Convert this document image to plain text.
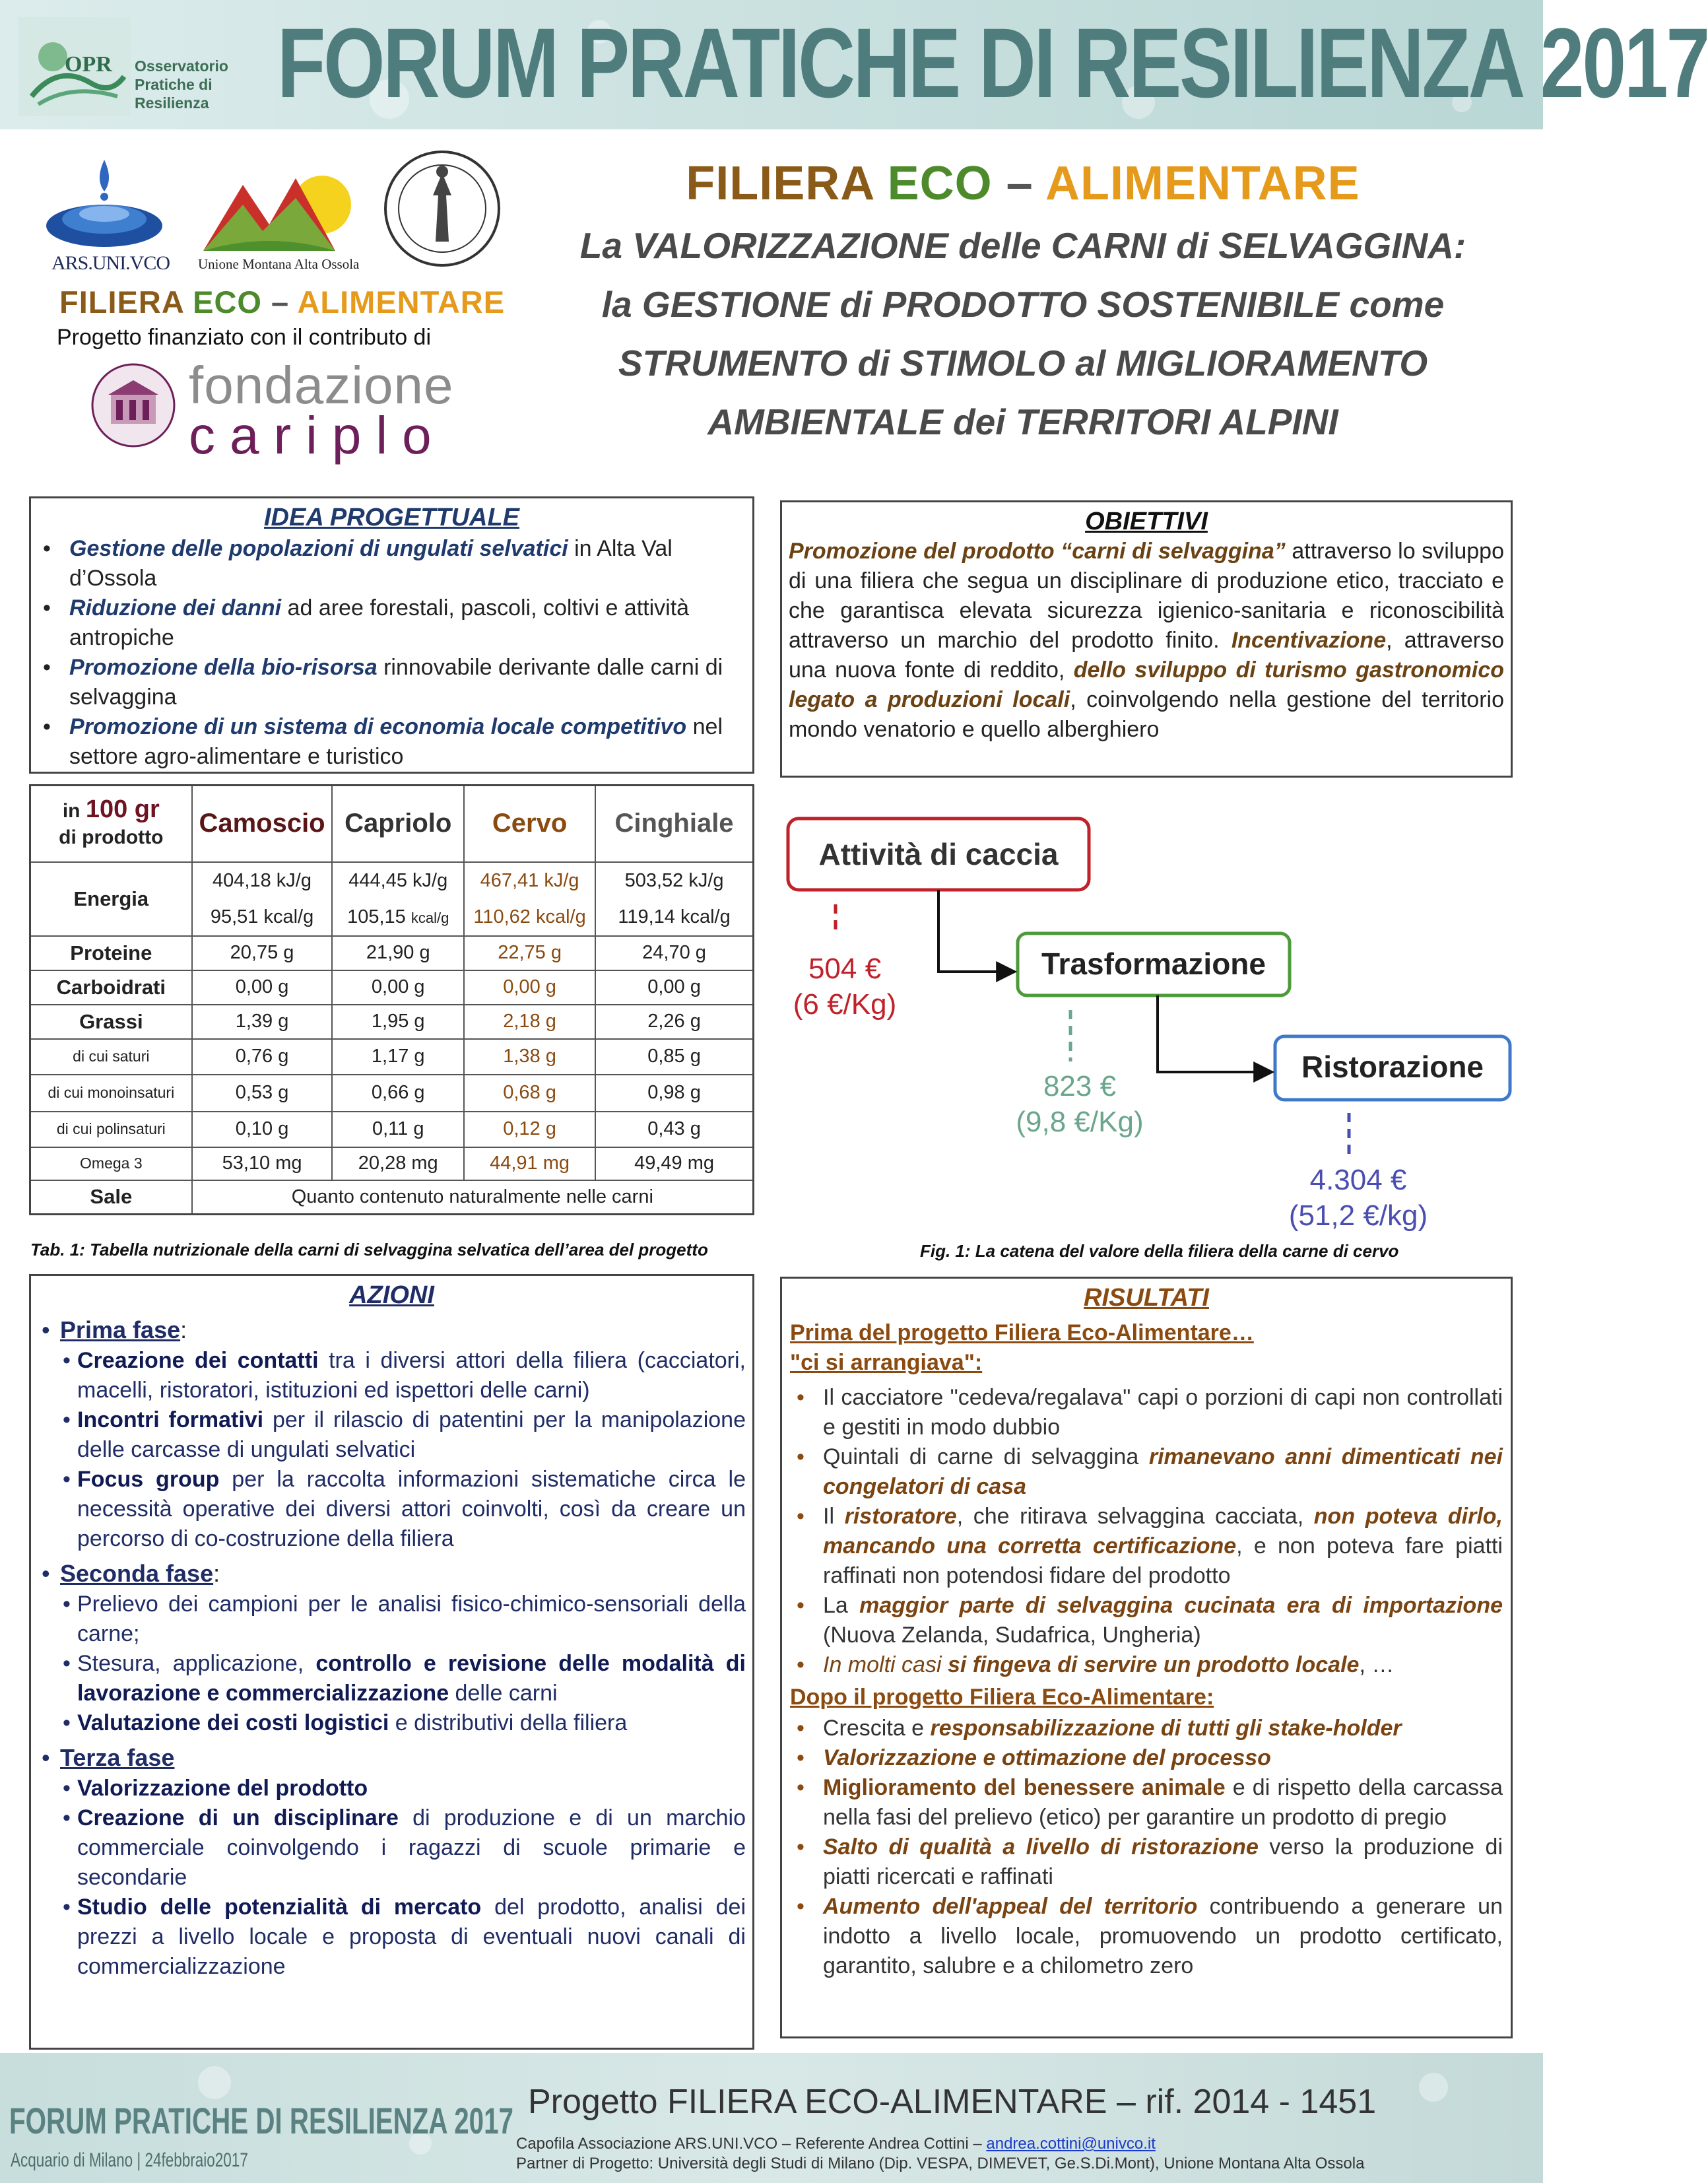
OPR Osservatorio
Pratiche di
Resilienza FORUM PRATICHE DI RESILIENZA 2017
ARS.UNI.VCO Unione Montana Alta Ossola
FILIERA ECO – ALIMENTARE
Progetto finanziato con il contributo di
fondazione
cariplo
FILIERA ECO – ALIMENTARE
La VALORIZZAZIONE delle CARNI di SELVAGGINA:
la GESTIONE di PRODOTTO SOSTENIBILE come
STRUMENTO di STIMOLO al MIGLIORAMENTO
AMBIENTALE dei TERRITORI ALPINI
IDEA PROGETTUALE
• Gestione delle popolazioni di ungulati selvatici in Alta Val d’Ossola
• Riduzione dei danni ad aree forestali, pascoli, coltivi e attività antropiche
• Promozione della bio-risorsa rinnovabile derivante dalle carni di selvaggina
• Promozione di un sistema di economia locale competitivo nel settore agro-alimentare e turistico
OBIETTIVI

Promozione del prodotto “carni di selvaggina” attraverso lo sviluppo di una filiera che segua un disciplinare di produzione etico, tracciato e che garantisca elevata sicurezza igienico-sanitaria e riconoscibilità attraverso un marchio del prodotto finito. Incentivazione, attraverso una nuova fonte di reddito, dello sviluppo di turismo gastronomico legato a produzioni locali, coinvolgendo nella gestione del territorio mondo venatorio e quello alberghiero

in 100 gr
di prodotto	Camoscio	Capriolo	Cervo	Cinghiale
Energia	404,18 kJ/g	444,45 kJ/g	467,41 kJ/g	503,52 kJ/g
	95,51 kcal/g	105,15 kcal/g	110,62 kcal/g	119,14 kcal/g
Proteine	20,75 g	21,90 g	22,75 g	24,70 g
Carboidrati	0,00 g	0,00 g	0,00 g	0,00 g
Grassi	1,39 g	1,95 g	2,18 g	2,26 g
di cui saturi	0,76 g	1,17 g	1,38 g	0,85 g
di cui monoinsaturi	0,53 g	0,66 g	0,68 g	0,98 g
di cui polinsaturi	0,10 g	0,11 g	0,12 g	0,43 g
Omega 3	53,10 mg	20,28 mg	44,91 mg	49,49 mg
Sale	Quanto contenuto naturalmente nelle carni			
Tab. 1: Tabella nutrizionale della carni di selvaggina selvatica dell’area del progetto
Attività di caccia
Trasformazione
Ristorazione
504 €
(6 €/Kg)
823 €
(9,8 €/Kg)
4.304 €
(51,2 €/kg)
Fig. 1: La catena del valore della filiera della carne di cervo
AZIONI
• Prima fase:
• Creazione dei contatti tra i diversi attori della filiera (cacciatori, macelli, ristoratori, istituzioni ed ispettori delle carni)
• Incontri formativi per il rilascio di patentini per la manipolazione delle carcasse di ungulati selvatici
• Focus group per la raccolta informazioni sistematiche circa le necessità operative dei diversi attori coinvolti, così da creare un percorso di co-costruzione della filiera
• Seconda fase:
• Prelievo dei campioni per le analisi fisico-chimico-sensoriali della carne;
• Stesura, applicazione, controllo e revisione delle modalità di lavorazione e commercializzazione delle carni
• Valutazione dei costi logistici e distributivi della filiera
• Terza fase
• Valorizzazione del prodotto
• Creazione di un disciplinare di produzione e di un marchio commerciale coinvolgendo i ragazzi di scuole primarie e secondarie
• Studio delle potenzialità di mercato del prodotto, analisi dei prezzi a livello locale e proposta di eventuali nuovi canali di commercializzazione
RISULTATI
Prima del progetto Filiera Eco-Alimentare…
"ci si arrangiava":
• Il cacciatore "cedeva/regalava" capi o porzioni di capi non controllati e gestiti in modo dubbio
• Quintali di carne di selvaggina rimanevano anni dimenticati nei congelatori di casa
• Il ristoratore, che ritirava selvaggina cacciata, non poteva dirlo, mancando una corretta certificazione, e non poteva fare piatti raffinati non potendosi fidare del prodotto
• La maggior parte di selvaggina cucinata era di importazione (Nuova Zelanda, Sudafrica, Ungheria)
• In molti casi si fingeva di servire un prodotto locale, …
Dopo il progetto Filiera Eco-Alimentare:
• Crescita e responsabilizzazione di tutti gli stake-holder
• Valorizzazione e ottimazione del processo
• Miglioramento del benessere animale e di rispetto della carcassa nella fasi del prelievo (etico) per garantire un prodotto di pregio
• Salto di qualità a livello di ristorazione verso la produzione di piatti ricercati e raffinati
• Aumento dell'appeal del territorio contribuendo a generare un indotto a livello locale, promuovendo un prodotto certificato, garantito, salubre e a chilometro zero
FORUM PRATICHE DI RESILIENZA 2017
Acquario di Milano | 24febbraio2017
Progetto FILIERA ECO-ALIMENTARE – rif. 2014 - 1451
Capofila Associazione ARS.UNI.VCO – Referente Andrea Cottini – andrea.cottini@univco.it
Partner di Progetto: Università degli Studi di Milano (Dip. VESPA, DIMEVET, Ge.S.Di.Mont), Unione Montana Alta Ossola
